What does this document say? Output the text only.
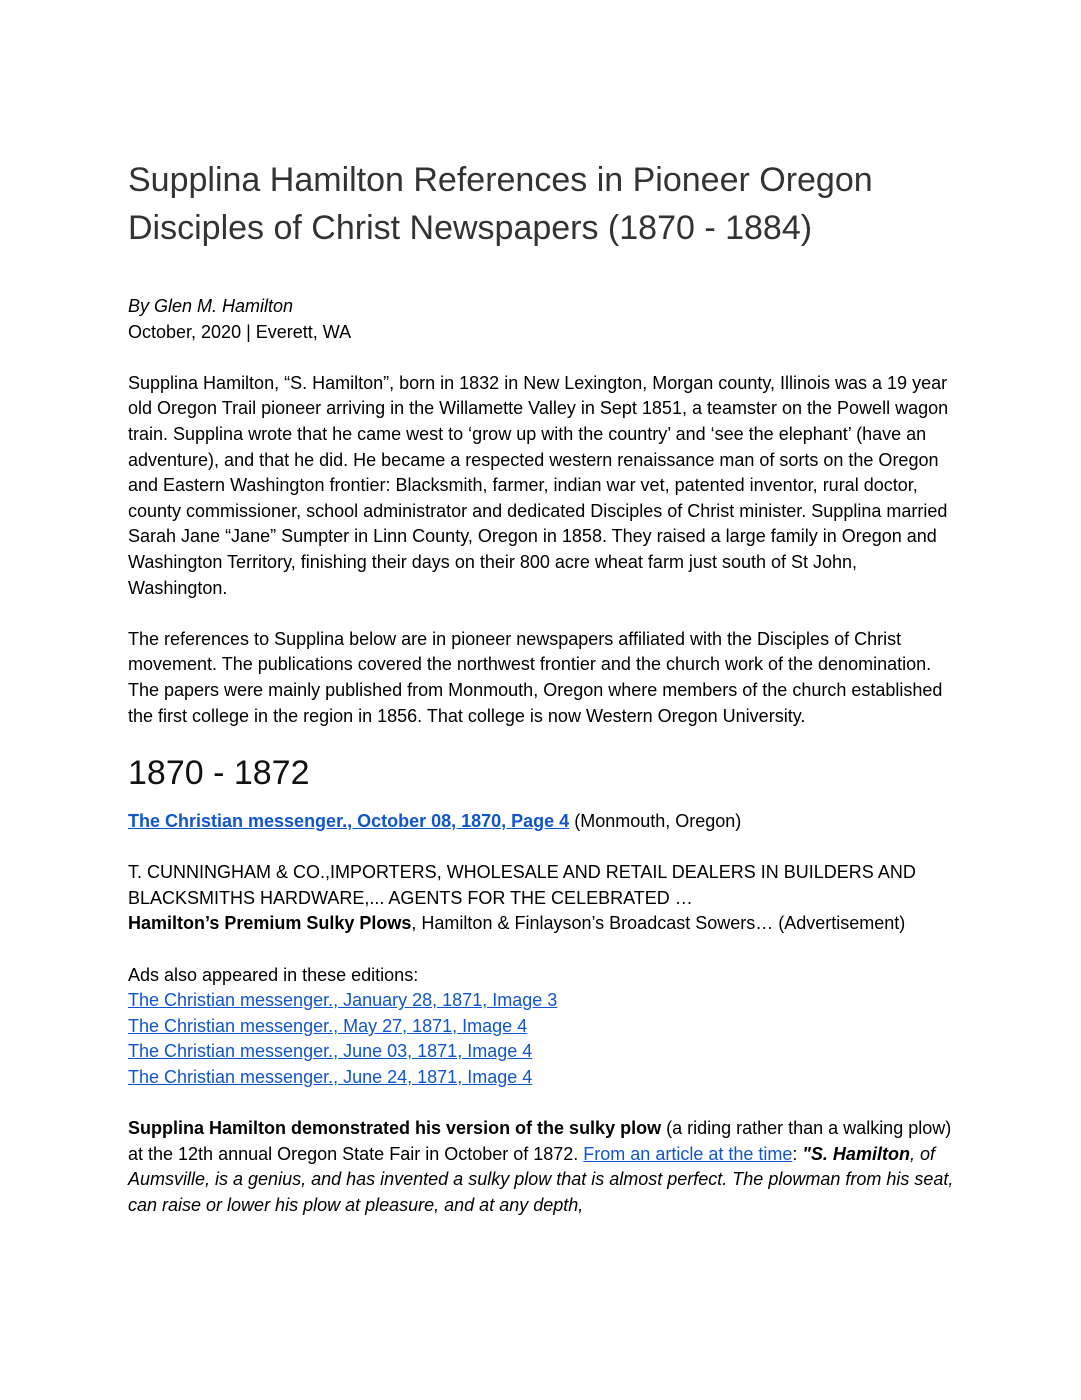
Supplina Hamilton References in Pioneer Oregon Disciples of Christ Newspapers (1870 - 1884)
By Glen M. Hamilton
October, 2020 | Everett, WA

Supplina Hamilton, “S. Hamilton”, born in 1832 in New Lexington, Morgan county, Illinois was a 19 year old Oregon Trail pioneer arriving in the Willamette Valley in Sept 1851, a teamster on the Powell wagon train. Supplina wrote that he came west to ‘grow up with the country’ and ‘see the elephant’ (have an adventure), and that he did. He became a respected western renaissance man of sorts on the Oregon and Eastern Washington frontier: Blacksmith, farmer, indian war vet, patented inventor, rural doctor, county commissioner, school administrator and dedicated Disciples of Christ minister. Supplina married Sarah Jane “Jane” Sumpter in Linn County, Oregon in 1858. They raised a large family in Oregon and Washington Territory, finishing their days on their 800 acre wheat farm just south of St John, Washington.

The references to Supplina below are in pioneer newspapers affiliated with the Disciples of Christ movement. The publications covered the northwest frontier and the church work of the denomination. The papers were mainly published from Monmouth, Oregon where members of the church established the first college in the region in 1856. That college is now Western Oregon University.

1870 - 1872

The Christian messenger., October 08, 1870, Page 4 (Monmouth, Oregon)

T. CUNNINGHAM & CO.,IMPORTERS, WHOLESALE AND RETAIL DEALERS IN BUILDERS AND BLACKSMITHS HARDWARE,... AGENTS FOR THE CELEBRATED …

Hamilton’s Premium Sulky Plows, Hamilton & Finlayson’s Broadcast Sowers… (Advertisement)

Ads also appeared in these editions:

The Christian messenger., January 28, 1871, Image 3
The Christian messenger., May 27, 1871, Image 4
The Christian messenger., June 03, 1871, Image 4
The Christian messenger., June 24, 1871, Image 4

Supplina Hamilton demonstrated his version of the sulky plow (a riding rather than a walking plow) at the 12th annual Oregon State Fair in October of 1872. From an article at the time: "S. Hamilton, of Aumsville, is a genius, and has invented a sulky plow that is almost perfect. The plowman from his seat, can raise or lower his plow at pleasure, and at any depth,
